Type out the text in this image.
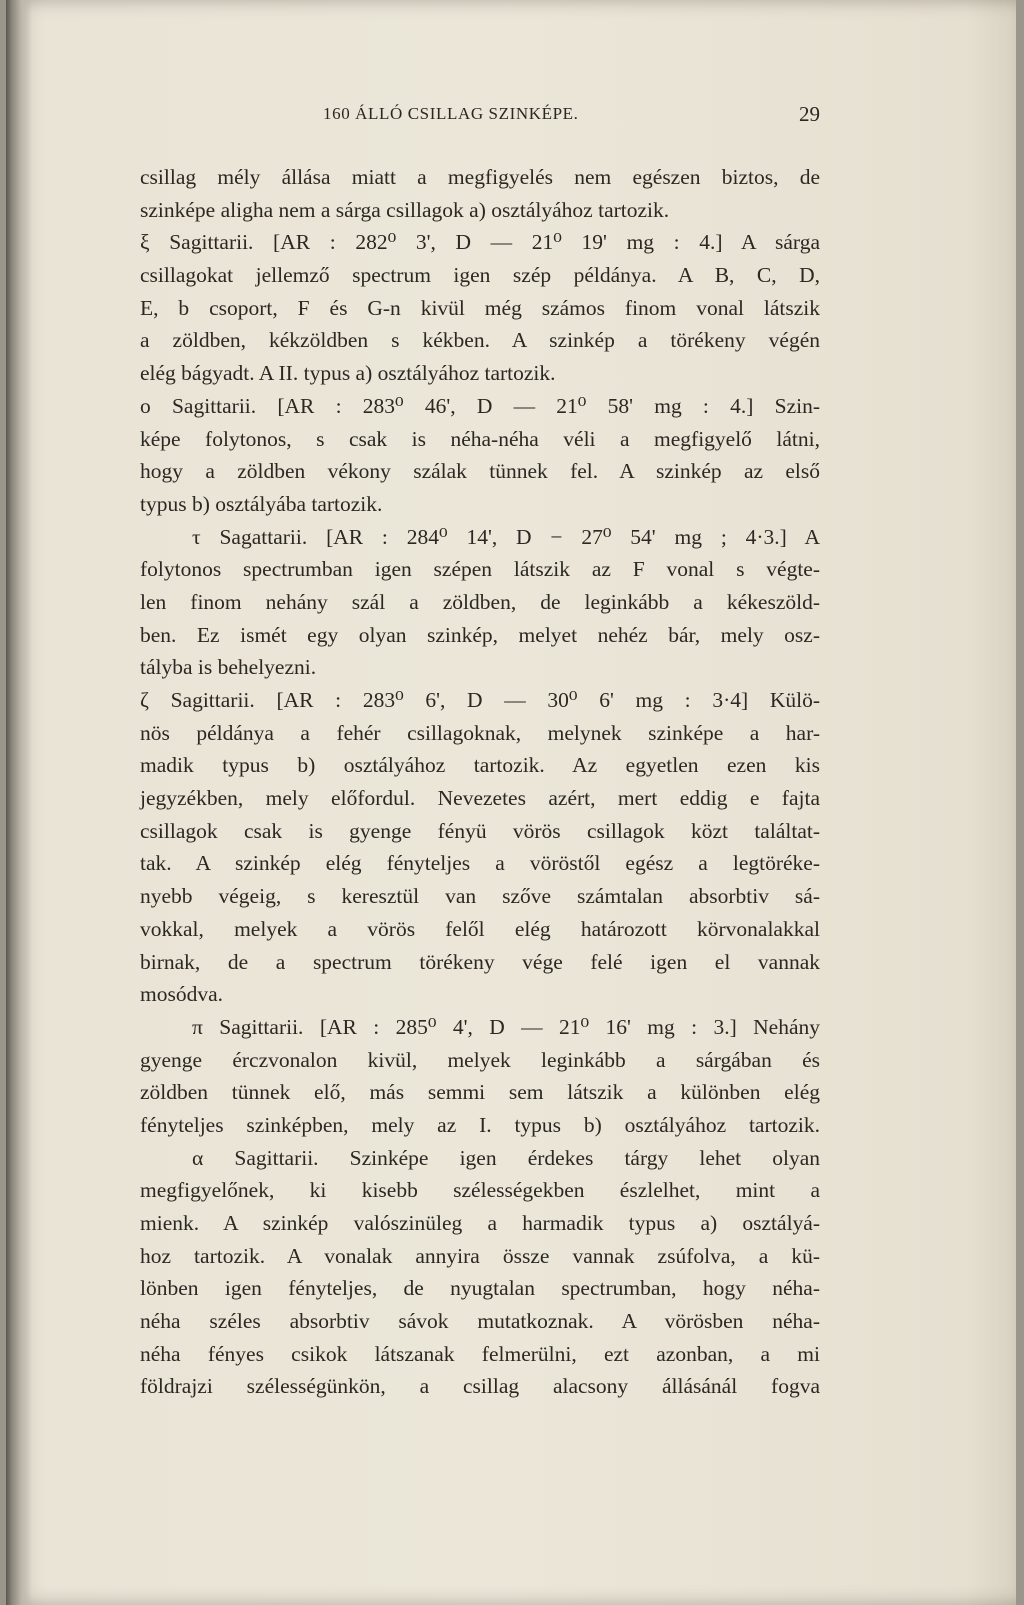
160 ÁLLÓ CSILLAG SZINKÉPE.	29
csillag mély állása miatt a megfigyelés nem egészen biztos, de
szinképe aligha nem a sárga csillagok a) osztályához tartozik.
ξ Sagittarii. [AR : 282⁰ 3', D — 21⁰ 19' mg : 4.] A sárga
csillagokat jellemző spectrum igen szép példánya. A B, C, D,
E, b csoport, F és G-n kivül még számos finom vonal látszik
a zöldben, kékzöldben s kékben. A szinkép a törékeny végén
elég bágyadt. A II. typus a) osztályához tartozik.
o Sagittarii. [AR : 283⁰ 46', D — 21⁰ 58' mg : 4.] Szin-
képe folytonos, s csak is néha-néha véli a megfigyelő látni,
hogy a zöldben vékony szálak tünnek fel. A szinkép az első
typus b) osztályába tartozik.
τ Sagattarii. [AR : 284⁰ 14', D − 27⁰ 54' mg ; 4·3.] A
folytonos spectrumban igen szépen látszik az F vonal s végte-
len finom nehány szál a zöldben, de leginkább a kékeszöld-
ben. Ez ismét egy olyan szinkép, melyet nehéz bár, mely osz-
tályba is behelyezni.
ζ Sagittarii. [AR : 283⁰ 6', D — 30⁰ 6' mg : 3·4] Külö-
nös példánya a fehér csillagoknak, melynek szinképe a har-
madik typus b) osztályához tartozik. Az egyetlen ezen kis
jegyzékben, mely előfordul. Nevezetes azért, mert eddig e fajta
csillagok csak is gyenge fényü vörös csillagok közt találtat-
tak. A szinkép elég fényteljes a vöröstől egész a legtöréke-
nyebb végeig, s keresztül van szőve számtalan absorbtiv sá-
vokkal, melyek a vörös felől elég határozott körvonalakkal
birnak, de a spectrum törékeny vége felé igen el vannak
mosódva.
π Sagittarii. [AR : 285⁰ 4', D — 21⁰ 16' mg : 3.] Nehány
gyenge érczvonalon kivül, melyek leginkább a sárgában és
zöldben tünnek elő, más semmi sem látszik a különben elég
fényteljes szinképben, mely az I. typus b) osztályához tartozik.
α Sagittarii. Szinképe igen érdekes tárgy lehet olyan
megfigyelőnek, ki kisebb szélességekben észlelhet, mint a
mienk. A szinkép valószinüleg a harmadik typus a) osztályá-
hoz tartozik. A vonalak annyira össze vannak zsúfolva, a kü-
lönben igen fényteljes, de nyugtalan spectrumban, hogy néha-
néha széles absorbtiv sávok mutatkoznak. A vörösben néha-
néha fényes csikok látszanak felmerülni, ezt azonban, a mi
földrajzi szélességünkön, a csillag alacsony állásánál fogva
